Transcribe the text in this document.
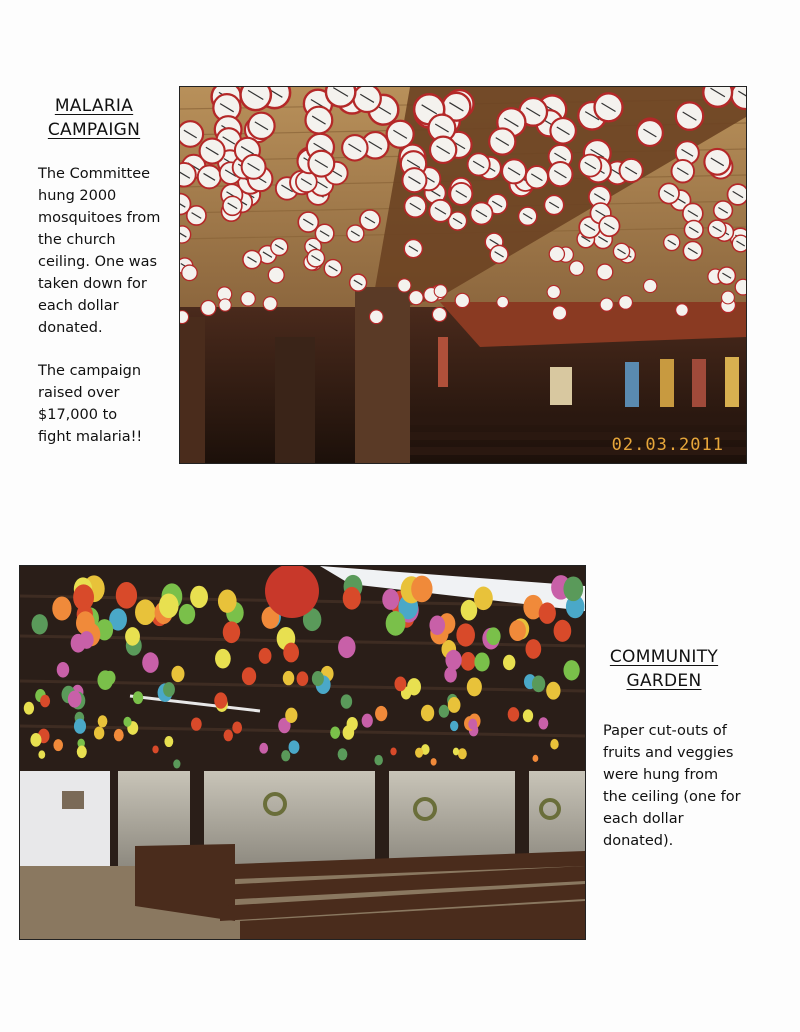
MALARIA
CAMPAIGN
The Committee
hung 2000
mosquitoes from
the church
ceiling. One was
taken down for
each dollar
donated.
The campaign
raised over
$17,000 to
fight malaria!!	02.03.2011
COMMUNITY
GARDEN
Paper cut-outs of
fruits and veggies
were hung from
the ceiling (one for
each dollar
donated).
